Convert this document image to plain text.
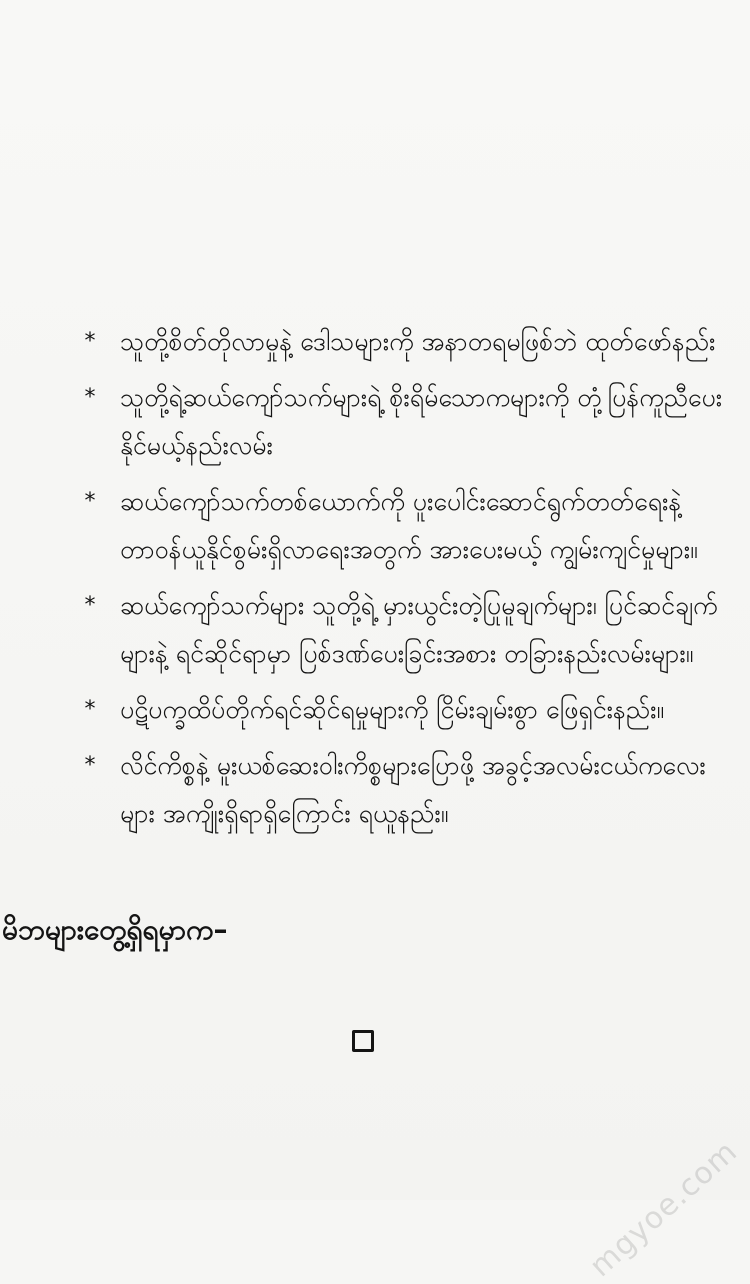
မိဘများတွေ့ရှိရမှာက–
* သူတို့စိတ်တိုလာမှုနဲ့ ဒေါသများကို အနာတရမဖြစ်ဘဲ ထုတ်ဖော်နည်း
* သူတို့ရဲ့ဆယ်ကျော်သက်များရဲ့ စိုးရိမ်သောကများကို တုံ့ပြန်ကူညီပေးနိုင်မယ့်နည်းလမ်း
* ဆယ်ကျော်သက်တစ်ယောက်ကို ပူးပေါင်းဆောင်ရွက်တတ်ရေးနဲ့ တာဝန်ယူနိုင်စွမ်းရှိလာရေးအတွက် အားပေးမယ့် ကျွမ်းကျင်မှုများ။
* ဆယ်ကျော်သက်များ သူတို့ရဲ့ မှားယွင်းတဲ့ပြုမူချက်များ၊ ပြင်ဆင်ချက်များနဲ့ ရင်ဆိုင်ရာမှာ ပြစ်ဒဏ်ပေးခြင်းအစား တခြားနည်းလမ်းများ။
* ပဋိပက္ခထိပ်တိုက်ရင်ဆိုင်ရမှုများကို ငြိမ်းချမ်းစွာ ဖြေရှင်းနည်း။
* လိင်ကိစ္စနဲ့ မူးယစ်ဆေးဝါးကိစ္စများပြောဖို့ အခွင့်အလမ်းငယ်ကလေးများ အကျိုးရှိရာရှိကြောင်း ရယူနည်း။
mgyoe.com
